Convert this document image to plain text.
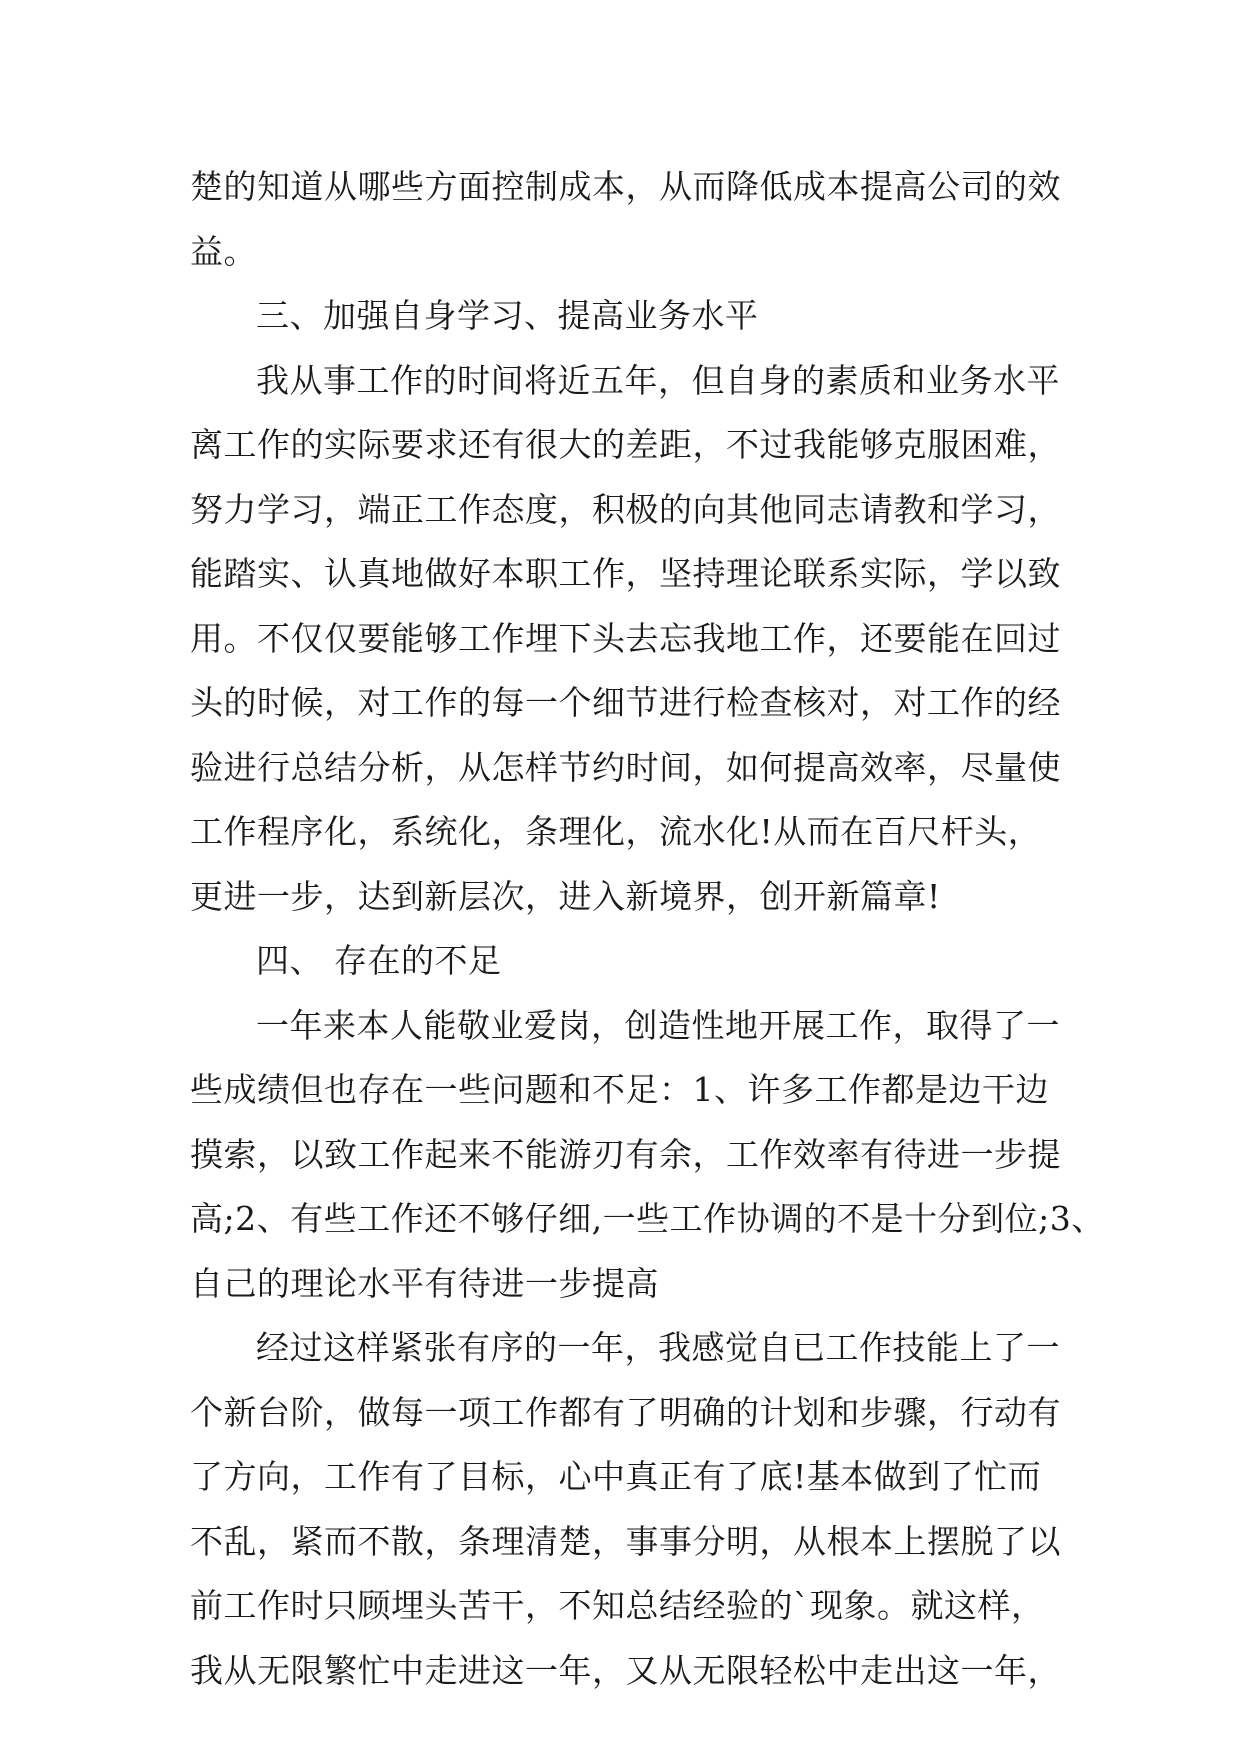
楚的知道从哪些方面控制成本，从而降低成本提高公司的效
益。
三、加强自身学习、提高业务水平
我从事工作的时间将近五年，但自身的素质和业务水平
离工作的实际要求还有很大的差距，不过我能够克服困难，
努力学习，端正工作态度，积极的向其他同志请教和学习，
能踏实、认真地做好本职工作，坚持理论联系实际，学以致
用。不仅仅要能够工作埋下头去忘我地工作，还要能在回过
头的时候，对工作的每一个细节进行检查核对，对工作的经
验进行总结分析，从怎样节约时间，如何提高效率，尽量使
工作程序化，系统化，条理化，流水化!从而在百尺杆头，
更进一步，达到新层次，进入新境界，创开新篇章!
四、 存在的不足
一年来本人能敬业爱岗，创造性地开展工作，取得了一
些成绩但也存在一些问题和不足：1、许多工作都是边干边
摸索，以致工作起来不能游刃有余，工作效率有待进一步提
高;2、有些工作还不够仔细,一些工作协调的不是十分到位;3、
自己的理论水平有待进一步提高
经过这样紧张有序的一年，我感觉自已工作技能上了一
个新台阶，做每一项工作都有了明确的计划和步骤，行动有
了方向，工作有了目标，心中真正有了底!基本做到了忙而
不乱，紧而不散，条理清楚，事事分明，从根本上摆脱了以
前工作时只顾埋头苦干，不知总结经验的`现象。就这样，
我从无限繁忙中走进这一年，又从无限轻松中走出这一年，
